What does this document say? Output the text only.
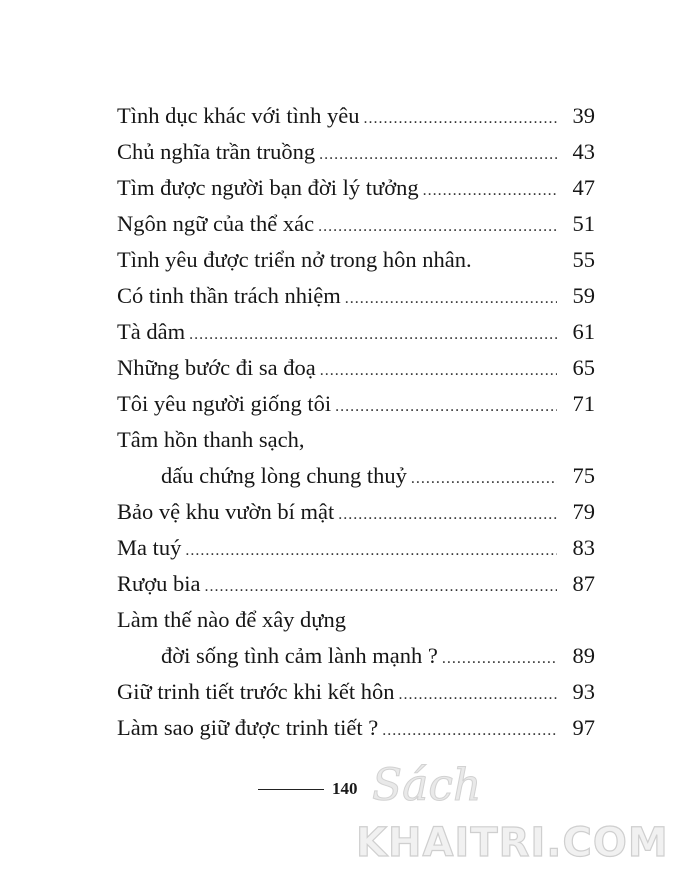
Tình dục khác với tình yêu .....	39
Chủ nghĩa trần truồng .....	43
Tìm được người bạn đời lý tưởng .....	47
Ngôn ngữ của thể xác .....	51
Tình yêu được triển nở trong hôn nhân.	55
Có tinh thần trách nhiệm .....	59
Tà dâm .....	61
Những bước đi sa đoạ .....	65
Tôi yêu người giống tôi .....	71
Tâm hồn thanh sạch,
dấu chứng lòng chung thuỷ .....	75
Bảo vệ khu vườn bí mật .....	79
Ma tuý .....	83
Rượu bia .....	87
Làm thế nào để xây dựng
đời sống tình cảm lành mạnh ? .....	89
Giữ trinh tiết trước khi kết hôn .....	93
Làm sao giữ được trinh tiết ? .....	97
140 Sách
KHAITRI.COM
